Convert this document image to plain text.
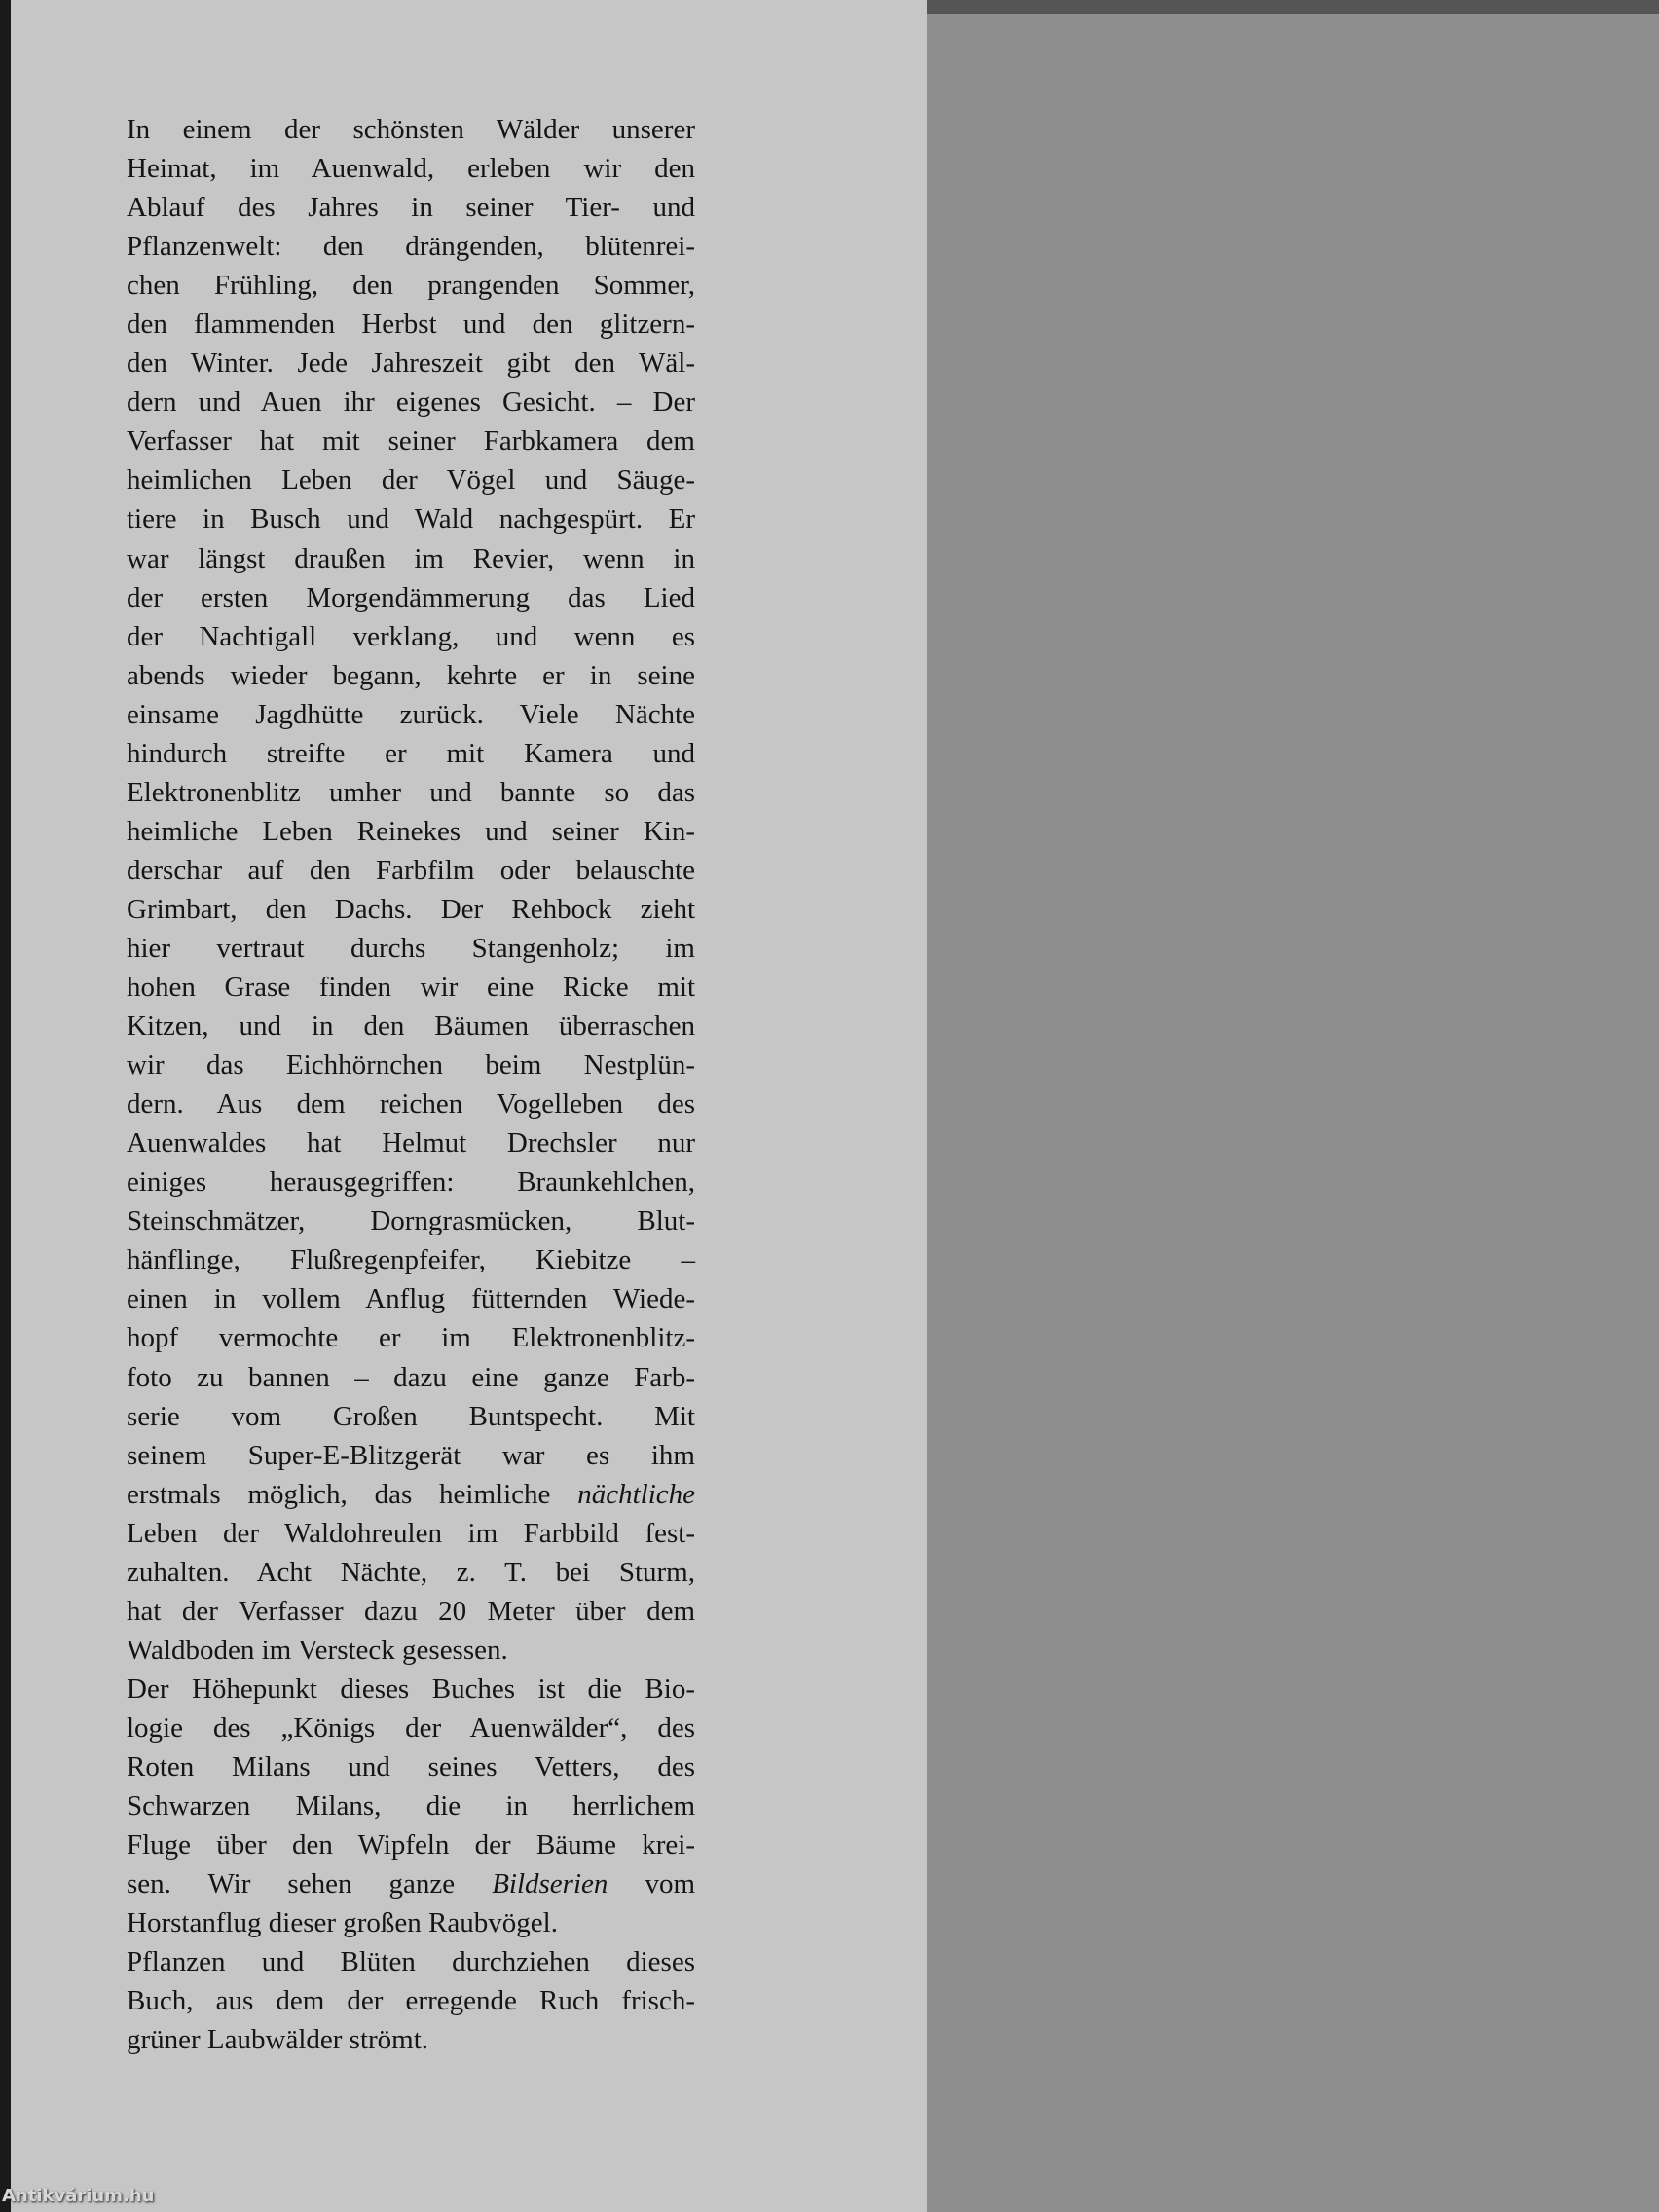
In einem der schönsten Wälder unserer
Heimat, im Auenwald, erleben wir den
Ablauf des Jahres in seiner Tier- und
Pflanzenwelt: den drängenden, blütenrei-
chen Frühling, den prangenden Sommer,
den flammenden Herbst und den glitzern-
den Winter. Jede Jahreszeit gibt den Wäl-
dern und Auen ihr eigenes Gesicht. – Der
Verfasser hat mit seiner Farbkamera dem
heimlichen Leben der Vögel und Säuge-
tiere in Busch und Wald nachgespürt. Er
war längst draußen im Revier, wenn in
der ersten Morgendämmerung das Lied
der Nachtigall verklang, und wenn es
abends wieder begann, kehrte er in seine
einsame Jagdhütte zurück. Viele Nächte
hindurch streifte er mit Kamera und
Elektronenblitz umher und bannte so das
heimliche Leben Reinekes und seiner Kin-
derschar auf den Farbfilm oder belauschte
Grimbart, den Dachs. Der Rehbock zieht
hier vertraut durchs Stangenholz; im
hohen Grase finden wir eine Ricke mit
Kitzen, und in den Bäumen überraschen
wir das Eichhörnchen beim Nestplün-
dern. Aus dem reichen Vogelleben des
Auenwaldes hat Helmut Drechsler nur
einiges herausgegriffen: Braunkehlchen,
Steinschmätzer, Dorngrasmücken, Blut-
hänflinge, Flußregenpfeifer, Kiebitze –
einen in vollem Anflug fütternden Wiede-
hopf vermochte er im Elektronenblitz-
foto zu bannen – dazu eine ganze Farb-
serie vom Großen Buntspecht. Mit
seinem Super-E-Blitzgerät war es ihm
erstmals möglich, das heimliche nächtliche
Leben der Waldohreulen im Farbbild fest-
zuhalten. Acht Nächte, z. T. bei Sturm,
hat der Verfasser dazu 20 Meter über dem
Waldboden im Versteck gesessen.
Der Höhepunkt dieses Buches ist die Bio-
logie des „Königs der Auenwälder“, des
Roten Milans und seines Vetters, des
Schwarzen Milans, die in herrlichem
Fluge über den Wipfeln der Bäume krei-
sen. Wir sehen ganze Bildserien vom
Horstanflug dieser großen Raubvögel.
Pflanzen und Blüten durchziehen dieses
Buch, aus dem der erregende Ruch frisch-
grüner Laubwälder strömt.
Antikvárium.hu
